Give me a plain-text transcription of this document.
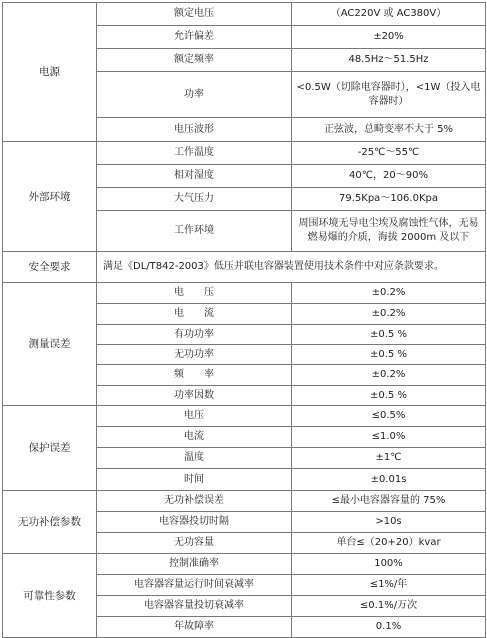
电源	额定电压	（AC220V 或 AC380V）
	允许偏差	±20%
	额定频率	48.5Hz～51.5Hz
	功率	<0.5W（切除电容器时），<1W（投入电容器时）
	电压波形	正弦波，总畸变率不大于 5%
外部环境	工作温度	-25℃～55℃
	相对湿度	40℃，20～90%
	大气压力	79.5Kpa～106.0Kpa
	工作环境	周围环境无导电尘埃及腐蚀性气体，无易燃易爆的介质，海拔 2000m 及以下
安全要求	满足《DL/T842-2003》低压并联电容器装置使用技术条件中对应条款要求。	
测量误差	电　　压	±0.2%
	电　　流	±0.2%
	有功功率	±0.5 %
	无功功率	±0.5 %
	频　　率	±0.2%
	功率因数	±0.5 %
保护误差	电压	≤0.5%
	电流	≤1.0%
	温度	±1℃
	时间	±0.01s
无功补偿参数	无功补偿误差	≤最小电容器容量的 75%
	电容器投切时隔	>10s
	无功容量	单台≤（20+20）kvar
可靠性参数	控制准确率	100%
	电容器容量运行时间衰减率	≤1%/年
	电容器容量投切衰减率	≤0.1%/万次
	年故障率	0.1%
